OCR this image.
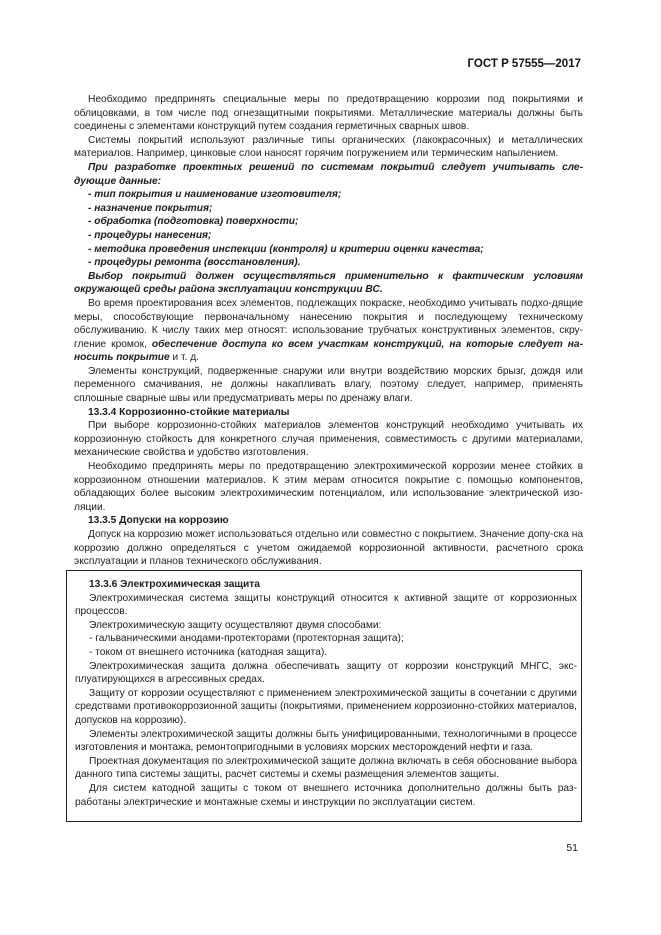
ГОСТ Р 57555—2017

Необходимо предпринять специальные меры по предотвращению коррозии под покрытиями и облицовками, в том числе под огнезащитными покрытиями. Металлические материалы должны быть соединены с элементами конструкций путем создания герметичных сварных швов.

Системы покрытий используют различные типы органических (лакокрасочных) и металлических материалов. Например, цинковые слои наносят горячим погружением или термическим напылением.

При разработке проектных решений по системам покрытий следует учитывать сле-дующие данные:

- тип покрытия и наименование изготовителя;

- назначение покрытия;

- обработка (подготовка) поверхности;

- процедуры нанесения;

- методика проведения инспекции (контроля) и критерии оценки качества;

- процедуры ремонта (восстановления).

Выбор покрытий должен осуществляться применительно к фактическим условиям окружающей среды района эксплуатации конструкции ВС.

Во время проектирования всех элементов, подлежащих покраске, необходимо учитывать подхо-дящие меры, способствующие первоначальному нанесению покрытия и последующему техническому обслуживанию. К числу таких мер относят: использование трубчатых конструктивных элементов, скру-гление кромок, обеспечение доступа ко всем участкам конструкций, на которые следует на-носить покрытие и т. д.

Элементы конструкций, подверженные снаружи или внутри воздействию морских брызг, дождя или переменного смачивания, не должны накапливать влагу, поэтому следует, например, применять сплошные сварные швы или предусматривать меры по дренажу влаги.

13.3.4 Коррозионно-стойкие материалы

При выборе коррозионно-стойких материалов элементов конструкций необходимо учитывать их коррозионную стойкость для конкретного случая применения, совместимость с другими материалами, механические свойства и удобство изготовления.

Необходимо предпринять меры по предотвращению электрохимической коррозии менее стойких в коррозионном отношении материалов. К этим мерам относится покрытие с помощью компонентов, обладающих более высоким электрохимическим потенциалом, или использование электрической изо-ляции.

13.3.5 Допуски на коррозию

Допуск на коррозию может использоваться отдельно или совместно с покрытием. Значение допу-ска на коррозию должно определяться с учетом ожидаемой коррозионной активности, расчетного срока эксплуатации и планов технического обслуживания.

13.3.6 Электрохимическая защита

Электрохимическая система защиты конструкций относится к активной защите от коррозионных процессов.

Электрохимическую защиту осуществляют двумя способами:

- гальваническими анодами-протекторами (протекторная защита);

- током от внешнего источника (катодная защита).

Электрохимическая защита должна обеспечивать защиту от коррозии конструкций МНГС, экс-плуатирующихся в агрессивных средах.

Защиту от коррозии осуществляют с применением электрохимической защиты в сочетании с другими средствами противокоррозионной защиты (покрытиями, применением коррозионно-стойких материалов, допусков на коррозию).

Элементы электрохимической защиты должны быть унифицированными, технологичными в процессе изготовления и монтажа, ремонтопригодными в условиях морских месторождений нефти и газа.

Проектная документация по электрохимической защите должна включать в себя обоснование выбора данного типа системы защиты, расчет системы и схемы размещения элементов защиты.

Для систем катодной защиты с током от внешнего источника дополнительно должны быть раз-работаны электрические и монтажные схемы и инструкции по эксплуатации систем.

51
